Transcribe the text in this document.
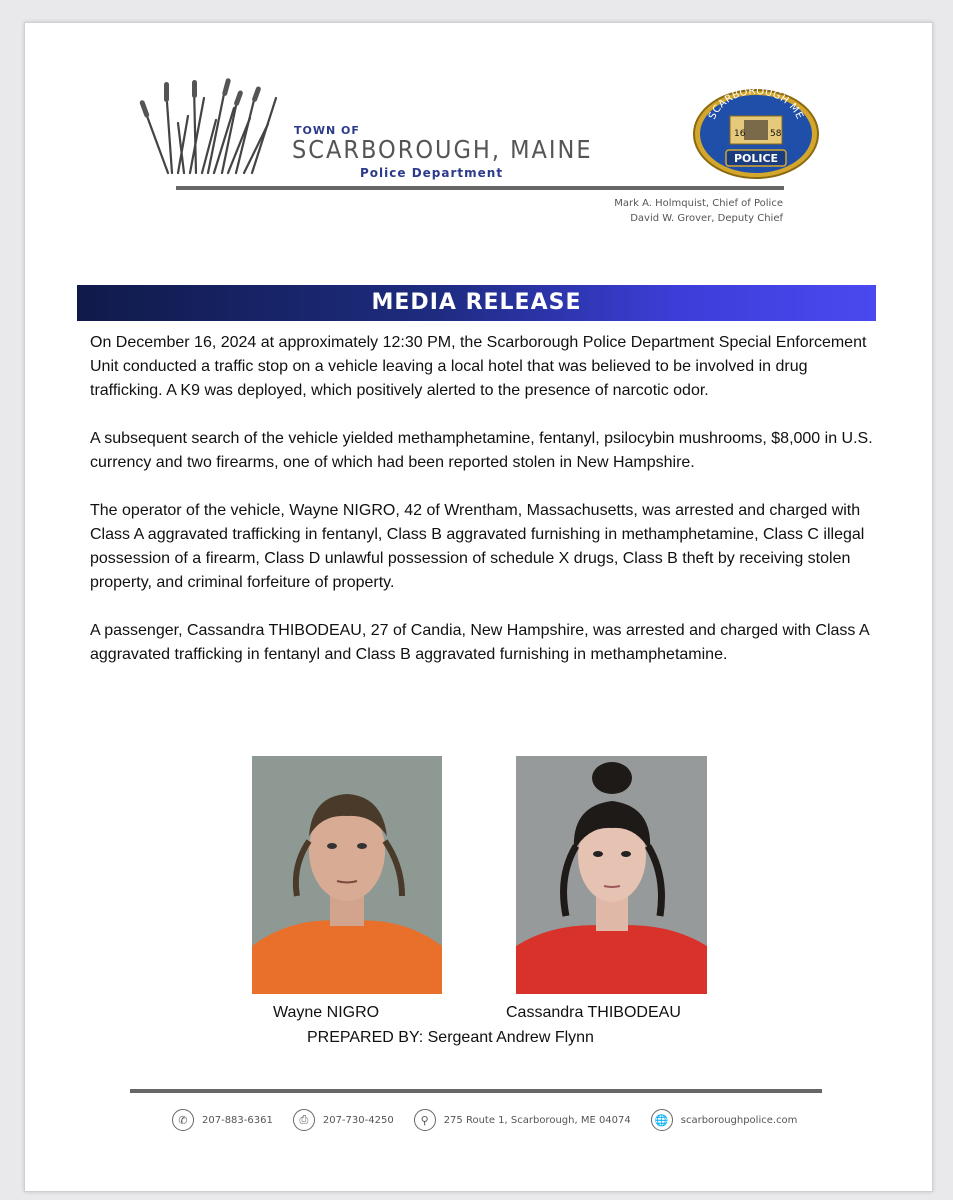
TOWN OF
SCARBOROUGH, MAINE
Police Department
SCARBOROUGH ME
16	58
POLICE
Mark A. Holmquist, Chief of Police
David W. Grover, Deputy Chief
MEDIA RELEASE

On December 16, 2024 at approximately 12:30 PM, the Scarborough Police Department Special Enforcement Unit conducted a traffic stop on a vehicle leaving a local hotel that was believed to be involved in drug trafficking. A K9 was deployed, which positively alerted to the presence of narcotic odor.

A subsequent search of the vehicle yielded methamphetamine, fentanyl, psilocybin mushrooms, $8,000 in U.S. currency and two firearms, one of which had been reported stolen in New Hampshire.

The operator of the vehicle, Wayne NIGRO, 42 of Wrentham, Massachusetts, was arrested and charged with Class A aggravated trafficking in fentanyl, Class B aggravated furnishing in methamphetamine, Class C illegal possession of a firearm, Class D unlawful possession of schedule X drugs, Class B theft by receiving stolen property, and criminal forfeiture of property.

A passenger, Cassandra THIBODEAU, 27 of Candia, New Hampshire, was arrested and charged with Class A aggravated trafficking in fentanyl and Class B aggravated furnishing in methamphetamine.

Wayne NIGRO	Cassandra THIBODEAU
PREPARED BY: Sergeant Andrew Flynn
✆	207-883-6361	⎙	207-730-4250	⚲	275 Route 1, Scarborough, ME 04074	🌐	scarboroughpolice.com
